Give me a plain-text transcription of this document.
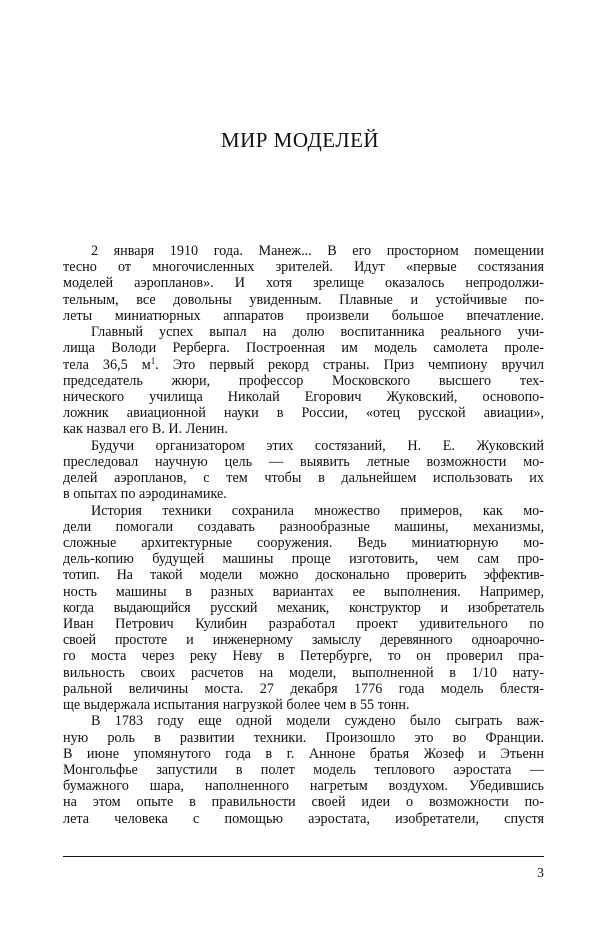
МИР МОДЕЛЕЙ
2 января 1910 года. Манеж... В его просторном помещении
тесно от многочисленных зрителей. Идут «первые состязания
моделей аэропланов». И хотя зрелище оказалось непродолжи-
тельным, все довольны увиденным. Плавные и устойчивые по-
леты миниатюрных аппаратов произвели большое впечатление.
Главный успех выпал на долю воспитанника реального учи-
лища Володи Рерберга. Построенная им модель самолета проле-
тела 36,5 $м^1$. Это первый рекорд страны. Приз чемпиону вручил
председатель жюри, профессор Московского высшего тех-
нического училища Николай Егорович Жуковский, основопо-
ложник авиационной науки в России, «отец русской авиации»,
как назвал его В. И. Ленин.
Будучи организатором этих состязаний, Н. Е. Жуковский
преследовал научную цель — выявить летные возможности мо-
делей аэропланов, с тем чтобы в дальнейшем использовать их
в опытах по аэродинамике.
История техники сохранила множество примеров, как мо-
дели помогали создавать разнообразные машины, механизмы,
сложные архитектурные сооружения. Ведь миниатюрную мо-
дель-копию будущей машины проще изготовить, чем сам про-
тотип. На такой модели можно досконально проверить эффектив-
ность машины в разных вариантах ее выполнения. Например,
когда выдающийся русский механик, конструктор и изобретатель
Иван Петрович Кулибин разработал проект удивительного по
своей простоте и инженерному замыслу деревянного одноарочно-
го моста через реку Неву в Петербурге, то он проверил пра-
вильность своих расчетов на модели, выполненной в 1/10 нату-
ральной величины моста. 27 декабря 1776 года модель блестя-
ще выдержала испытания нагрузкой более чем в 55 тонн.
В 1783 году еще одной модели суждено было сыграть важ-
ную роль в развитии техники. Произошло это во Франции.
В июне упомянутого года в г. Анноне братья Жозеф и Этьенн
Монгольфье запустили в полет модель теплового аэростата —
бумажного шара, наполненного нагретым воздухом. Убедившись
на этом опыте в правильности своей идеи о возможности по-
лета человека с помощью аэростата, изобретатели, спустя
3
